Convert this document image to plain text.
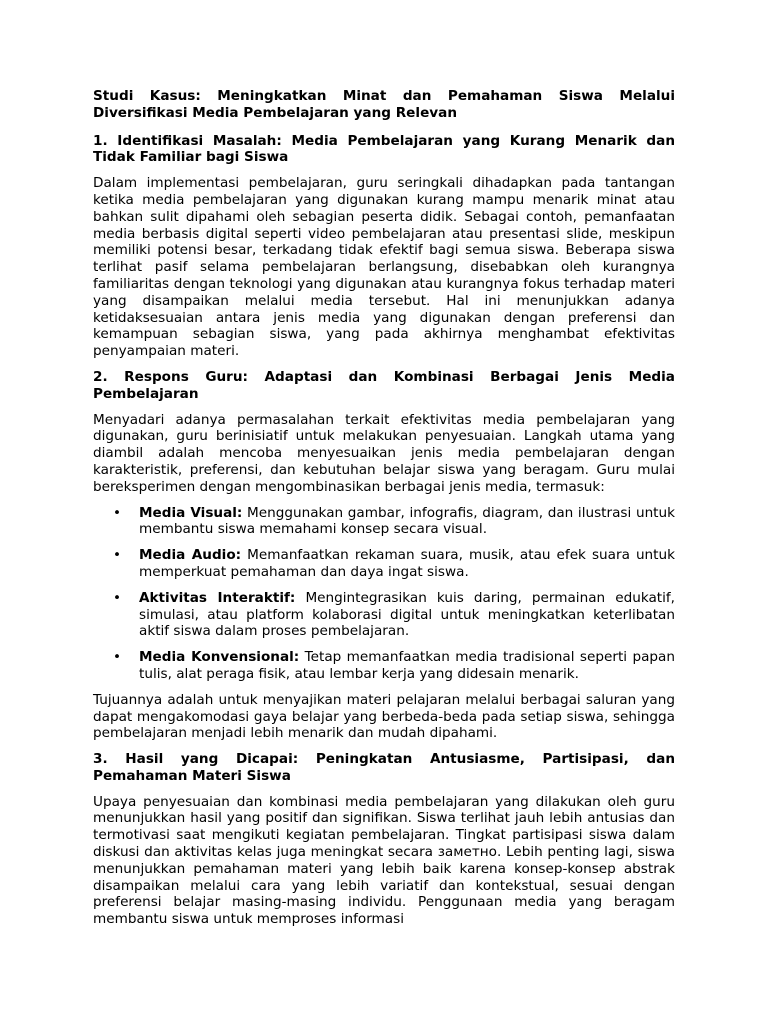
Studi Kasus: Meningkatkan Minat dan Pemahaman Siswa Melalui Diversifikasi Media Pembelajaran yang Relevan
1. Identifikasi Masalah: Media Pembelajaran yang Kurang Menarik dan Tidak Familiar bagi Siswa

Dalam implementasi pembelajaran, guru seringkali dihadapkan pada tantangan ketika media pembelajaran yang digunakan kurang mampu menarik minat atau bahkan sulit dipahami oleh sebagian peserta didik. Sebagai contoh, pemanfaatan media berbasis digital seperti video pembelajaran atau presentasi slide, meskipun memiliki potensi besar, terkadang tidak efektif bagi semua siswa. Beberapa siswa terlihat pasif selama pembelajaran berlangsung, disebabkan oleh kurangnya familiaritas dengan teknologi yang digunakan atau kurangnya fokus terhadap materi yang disampaikan melalui media tersebut. Hal ini menunjukkan adanya ketidaksesuaian antara jenis media yang digunakan dengan preferensi dan kemampuan sebagian siswa, yang pada akhirnya menghambat efektivitas penyampaian materi.

2. Respons Guru: Adaptasi dan Kombinasi Berbagai Jenis Media Pembelajaran

Menyadari adanya permasalahan terkait efektivitas media pembelajaran yang digunakan, guru berinisiatif untuk melakukan penyesuaian. Langkah utama yang diambil adalah mencoba menyesuaikan jenis media pembelajaran dengan karakteristik, preferensi, dan kebutuhan belajar siswa yang beragam. Guru mulai bereksperimen dengan mengombinasikan berbagai jenis media, termasuk:

• Media Visual: Menggunakan gambar, infografis, diagram, dan ilustrasi untuk membantu siswa memahami konsep secara visual.
• Media Audio: Memanfaatkan rekaman suara, musik, atau efek suara untuk memperkuat pemahaman dan daya ingat siswa.
• Aktivitas Interaktif: Mengintegrasikan kuis daring, permainan edukatif, simulasi, atau platform kolaborasi digital untuk meningkatkan keterlibatan aktif siswa dalam proses pembelajaran.
• Media Konvensional: Tetap memanfaatkan media tradisional seperti papan tulis, alat peraga fisik, atau lembar kerja yang didesain menarik.

Tujuannya adalah untuk menyajikan materi pelajaran melalui berbagai saluran yang dapat mengakomodasi gaya belajar yang berbeda-beda pada setiap siswa, sehingga pembelajaran menjadi lebih menarik dan mudah dipahami.

3. Hasil yang Dicapai: Peningkatan Antusiasme, Partisipasi, dan Pemahaman Materi Siswa

Upaya penyesuaian dan kombinasi media pembelajaran yang dilakukan oleh guru menunjukkan hasil yang positif dan signifikan. Siswa terlihat jauh lebih antusias dan termotivasi saat mengikuti kegiatan pembelajaran. Tingkat partisipasi siswa dalam diskusi dan aktivitas kelas juga meningkat secara заметно. Lebih penting lagi, siswa menunjukkan pemahaman materi yang lebih baik karena konsep-konsep abstrak disampaikan melalui cara yang lebih variatif dan kontekstual, sesuai dengan preferensi belajar masing-masing individu. Penggunaan media yang beragam membantu siswa untuk memproses informasi
